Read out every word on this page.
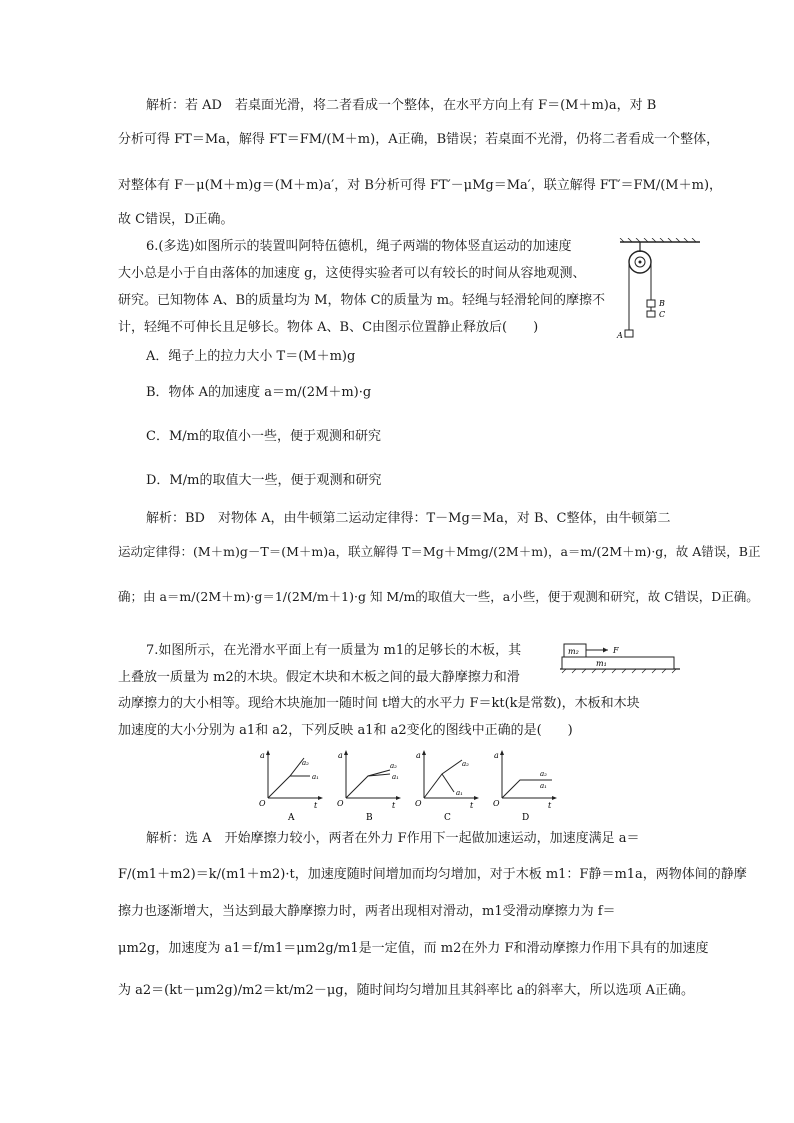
解析：若 AD　若桌面光滑，将二者看成一个整体，在水平方向上有 F＝(M＋m)a，对 B
分析可得 FT＝Ma，解得 FT＝FM/(M＋m)，A正确，B错误；若桌面不光滑，仍将二者看成一个整体，
对整体有 F－μ(M＋m)g＝(M＋m)a′，对 B分析可得 FT′－μMg＝Ma′，联立解得 FT′＝FM/(M＋m)，
故 C错误，D正确。
6.(多选)如图所示的装置叫阿特伍德机，绳子两端的物体竖直运动的加速度
大小总是小于自由落体的加速度 g，这使得实验者可以有较长的时间从容地观测、
研究。已知物体 A、B的质量均为 M，物体 C的质量为 m。轻绳与轻滑轮间的摩擦不
计，轻绳不可伸长且足够长。物体 A、B、C由图示位置静止释放后(　　)
A．绳子上的拉力大小 T＝(M＋m)g
B．物体 A的加速度 a＝m/(2M＋m)·g
C．M/m的取值小一些，便于观测和研究
D．M/m的取值大一些，便于观测和研究
A
B
C
解析：BD　对物体 A，由牛顿第二运动定律得：T－Mg＝Ma，对 B、C整体，由牛顿第二
运动定律得：(M＋m)g－T＝(M＋m)a，联立解得 T＝Mg＋Mmg/(2M＋m)，a＝m/(2M＋m)·g，故 A错误，B正
确；由 a＝m/(2M＋m)·g＝1/(2M/m＋1)·g 知 M/m的取值大一些，a小些，便于观测和研究，故 C错误，D正确。
7.如图所示，在光滑水平面上有一质量为 m1的足够长的木板，其
上叠放一质量为 m2的木块。假定木块和木板之间的最大静摩擦力和滑
动摩擦力的大小相等。现给木块施加一随时间 t增大的水平力 F＝kt(k是常数)，木板和木块
加速度的大小分别为 a1和 a2，下列反映 a1和 a2变化的图线中正确的是(　　)
m₂	F
m₁
a
O	t
a₂
a₁
A
a
O	t
a₂
a₁
B
a
O	t
a₂
a₁
C
a
O	t
a₂
a₁
D
解析：选 A　开始摩擦力较小，两者在外力 F作用下一起做加速运动，加速度满足 a＝
F/(m1＋m2)＝k/(m1＋m2)·t，加速度随时间增加而均匀增加，对于木板 m1：F静＝m1a，两物体间的静摩
擦力也逐渐增大，当达到最大静摩擦力时，两者出现相对滑动，m1受滑动摩擦力为 f＝
μm2g，加速度为 a1＝f/m1＝μm2g/m1是一定值，而 m2在外力 F和滑动摩擦力作用下具有的加速度
为 a2＝(kt－μm2g)/m2＝kt/m2－μg，随时间均匀增加且其斜率比 a的斜率大，所以选项 A正确。
